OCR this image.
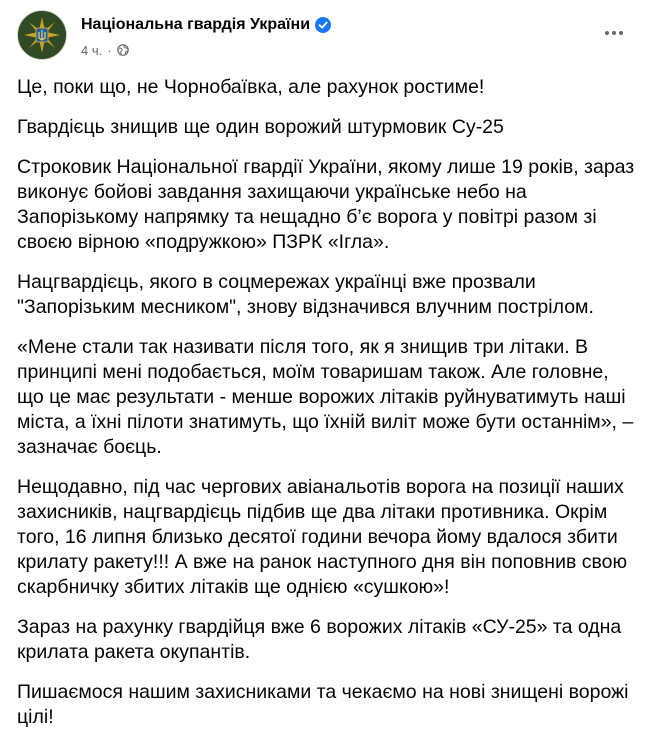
Національна гвардія України
4 ч. ·

Це, поки що, не Чорнобаївка, але рахунок ростиме!

Гвардієць знищив ще один ворожий штурмовик Су-25

Строковик Національної гвардії України, якому лише 19 років, зараз виконує бойові завдання захищаючи українське небо на Запорізькому напрямку та нещадно б’є ворога у повітрі разом зі своєю вірною «подружкою» ПЗРК «Ігла».

Нацгвардієць, якого в соцмережах українці вже прозвали "Запорізьким месником", знову відзначився влучним пострілом.

«Мене стали так називати після того, як я знищив три літаки. В принципі мені подобається, моїм товаришам також. Але головне, що це має результати - менше ворожих літаків руйнуватимуть наші міста, а їхні пілоти знатимуть, що їхній виліт може бути останнім», – зазначає боєць.

Нещодавно, під час чергових авіанальотів ворога на позиції наших захисників, нацгвардієць підбив ще два літаки противника. Окрім того, 16 липня близько десятої години вечора йому вдалося збити крилату ракету!!! А вже на ранок наступного дня він поповнив свою скарбничку збитих літаків ще однією «сушкою»!

Зараз на рахунку гвардійця вже 6 ворожих літаків «СУ-25» та одна крилата ракета окупантів.

Пишаємося нашим захисниками та чекаємо на нові знищені ворожі цілі!
